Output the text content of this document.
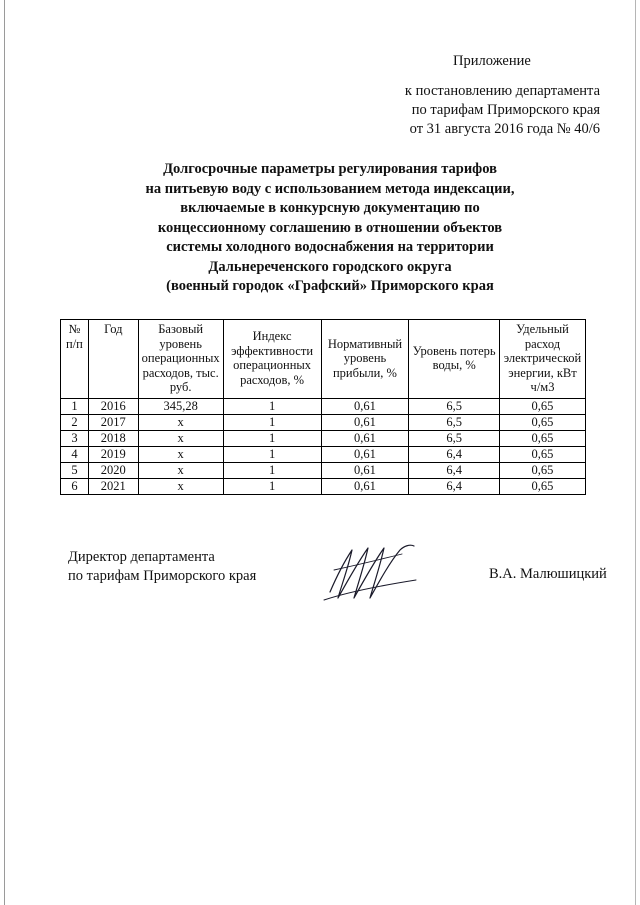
Приложение
к постановлению департамента
по тарифам Приморского края
от 31 августа 2016 года № 40/6
Долгосрочные параметры регулирования тарифов
на питьевую воду с использованием метода индексации,
включаемые в конкурсную документацию по
концессионному соглашению в отношении объектов
системы холодного водоснабжения на территории
Дальнереченского городского округа
(военный городок «Графский» Приморского края
№ п/п	Год	Базовый уровень операционных расходов, тыс. руб.	Индекс эффективности операционных расходов, %	Нормативный уровень прибыли, %	Уровень потерь воды, %	Удельный расход электрической энергии, кВт ч/м3
1	2016	345,28	1	0,61	6,5	0,65
2	2017	x	1	0,61	6,5	0,65
3	2018	x	1	0,61	6,5	0,65
4	2019	x	1	0,61	6,4	0,65
5	2020	x	1	0,61	6,4	0,65
6	2021	x	1	0,61	6,4	0,65
Директор департамента
по тарифам Приморского края	В.А. Малюшицкий
